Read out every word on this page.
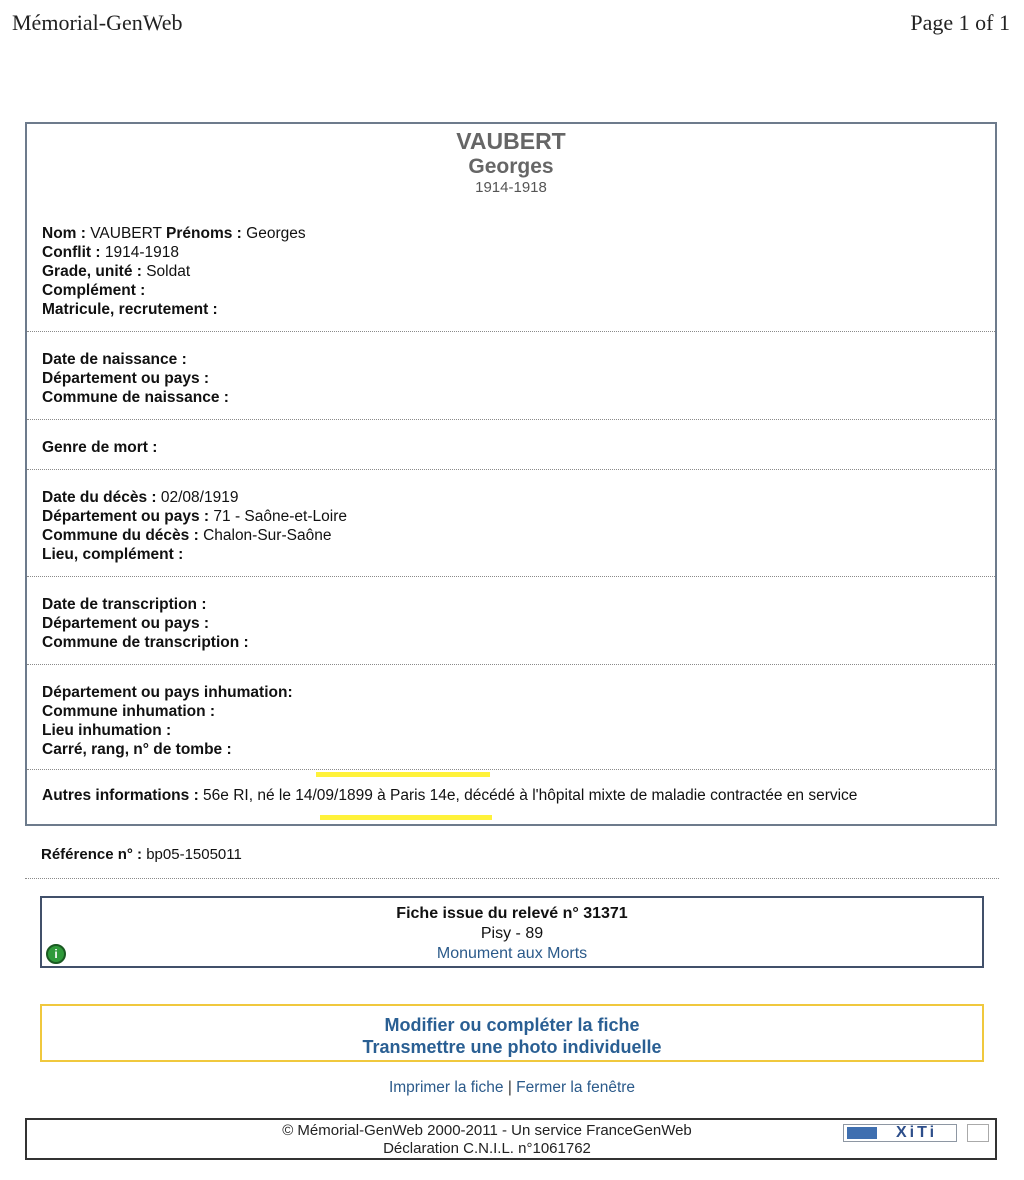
Mémorial-GenWeb	Page 1 of 1
VAUBERT
Georges
1914-1918
Nom : VAUBERT Prénoms : Georges
Conflit : 1914-1918
Grade, unité : Soldat
Complément :
Matricule, recrutement :
Date de naissance :
Département ou pays :
Commune de naissance :
Genre de mort :
Date du décès : 02/08/1919
Département ou pays : 71 - Saône-et-Loire
Commune du décès : Chalon-Sur-Saône
Lieu, complément :
Date de transcription :
Département ou pays :
Commune de transcription :
Département ou pays inhumation:
Commune inhumation :
Lieu inhumation :
Carré, rang, n° de tombe :
Autres informations : 56e RI, né le 14/09/1899 à Paris 14e, décédé à l'hôpital mixte de maladie contractée en service
Référence n° : bp05-1505011
Fiche issue du relevé n° 31371
Pisy - 89
Monument aux Morts
i
Modifier ou compléter la fiche
Transmettre une photo individuelle
Imprimer la fiche | Fermer la fenêtre
© Mémorial-GenWeb 2000-2011 - Un service FranceGenWeb
Déclaration C.N.I.L. n°1061762
XiTi
